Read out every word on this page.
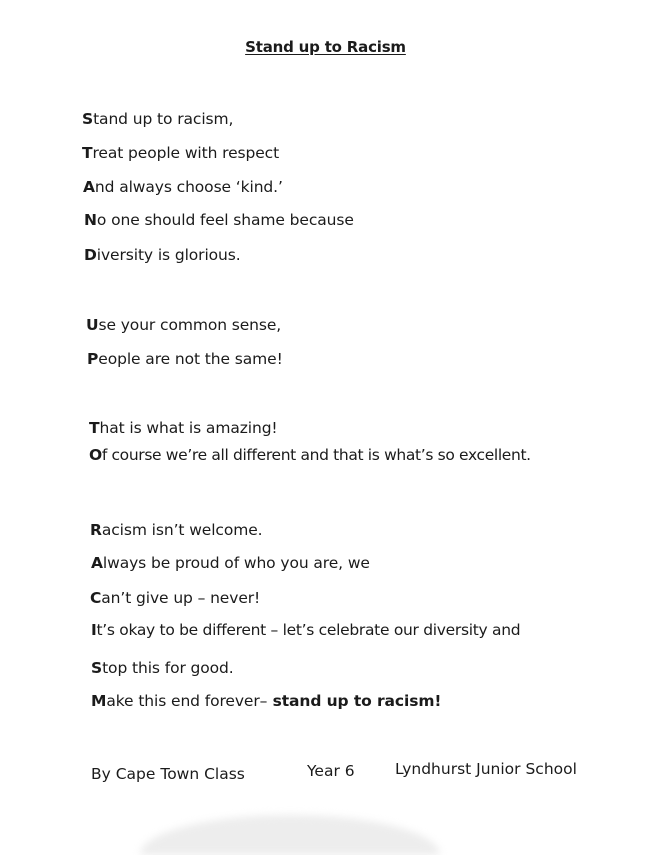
Stand up to Racism
Stand up to racism,
Treat people with respect
And always choose ‘kind.’
No one should feel shame because
Diversity is glorious.
Use your common sense,
People are not the same!
That is what is amazing!
Of course we’re all different and that is what’s so excellent.
Racism isn’t welcome.
Always be proud of who you are, we
Can’t give up – never!
It’s okay to be different – let’s celebrate our diversity and
Stop this for good.
Make this end forever– stand up to racism!
By Cape Town Class	Year 6	Lyndhurst Junior School
